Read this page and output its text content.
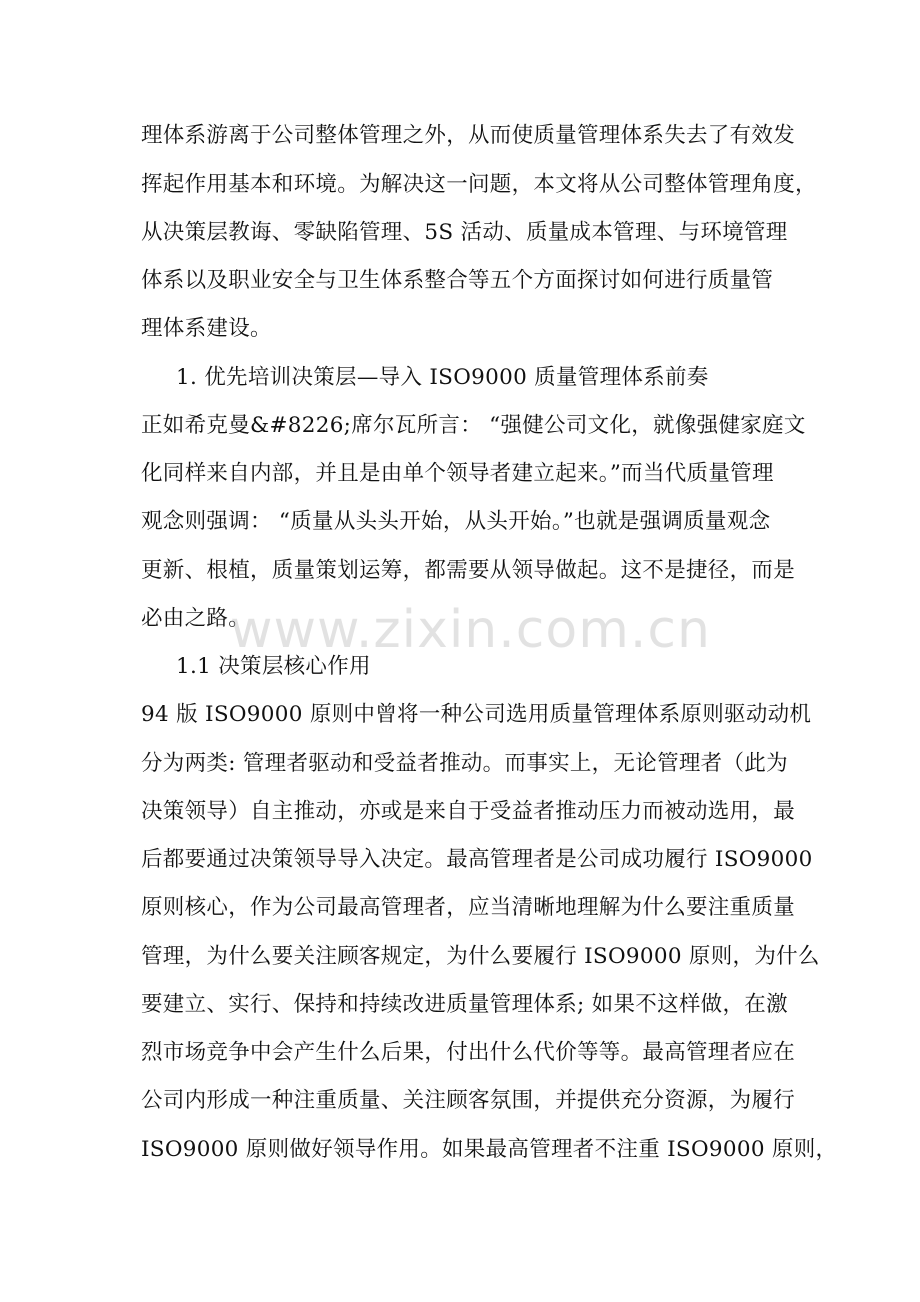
理体系游离于公司整体管理之外，从而使质量管理体系失去了有效发
挥起作用基本和环境。为解决这一问题，本文将从公司整体管理角度，
从决策层教诲、零缺陷管理、5S 活动、质量成本管理、与环境管理
体系以及职业安全与卫生体系整合等五个方面探讨如何进行质量管
理体系建设。
1. 优先培训决策层—导入 ISO9000 质量管理体系前奏
正如希克曼&#8226;席尔瓦所言： “强健公司文化，就像强健家庭文
化同样来自内部，并且是由单个领导者建立起来。”而当代质量管理
观念则强调： “质量从头头开始，从头开始。”也就是强调质量观念
更新、根植，质量策划运筹，都需要从领导做起。这不是捷径，而是
必由之路。
1.1 决策层核心作用
94 版 ISO9000 原则中曾将一种公司选用质量管理体系原则驱动动机
分为两类: 管理者驱动和受益者推动。而事实上，无论管理者（此为
决策领导）自主推动，亦或是来自于受益者推动压力而被动选用，最
后都要通过决策领导导入决定。最高管理者是公司成功履行 ISO9000
原则核心，作为公司最高管理者，应当清晰地理解为什么要注重质量
管理，为什么要关注顾客规定，为什么要履行 ISO9000 原则，为什么
要建立、实行、保持和持续改进质量管理体系; 如果不这样做，在激
烈市场竞争中会产生什么后果，付出什么代价等等。最高管理者应在
公司内形成一种注重质量、关注顾客氛围，并提供充分资源，为履行
ISO9000 原则做好领导作用。如果最高管理者不注重 ISO9000 原则，
www.zixin.com.cn
